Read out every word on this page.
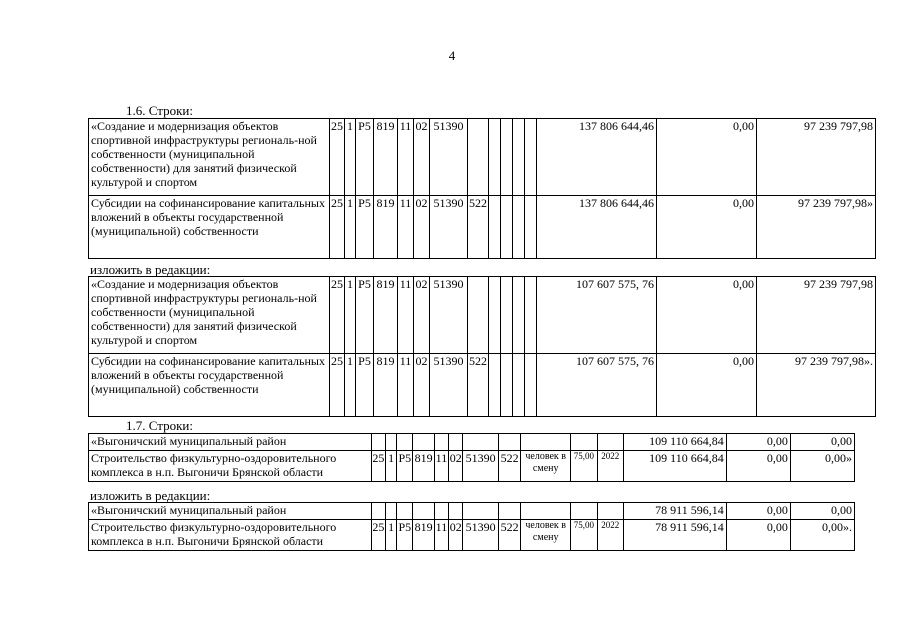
4
1.6. Строки:
«Создание и модернизация объектов спортивной инфраструктуры региональ-ной собственности (муниципальной собственности) для занятий физической культурой и спортом	25	1	Р5	819	11	02	51390						137 806 644,46	0,00	97 239 797,98
Субсидии на софинансирование капитальных вложений в объекты государственной (муниципальной) собственности	25	1	Р5	819	11	02	51390	522					137 806 644,46	0,00	97 239 797,98»
изложить в редакции:
«Создание и модернизация объектов спортивной инфраструктуры региональ-ной собственности (муниципальной собственности) для занятий физической культурой и спортом	25	1	Р5	819	11	02	51390						107 607 575, 76	0,00	97 239 797,98
Субсидии на софинансирование капитальных вложений в объекты государственной (муниципальной) собственности	25	1	Р5	819	11	02	51390	522					107 607 575, 76	0,00	97 239 797,98».
1.7. Строки:
«Выгоничский муниципальный район												109 110 664,84	0,00	0,00
Строительство физкультурно-оздоровительного комплекса в н.п. Выгоничи Брянской области	25	1	Р5	819	11	02	51390	522	человек в смену	75,00	2022	109 110 664,84	0,00	0,00»
изложить в редакции:
«Выгоничский муниципальный район												78 911 596,14	0,00	0,00
Строительство физкультурно-оздоровительного комплекса в н.п. Выгоничи Брянской области	25	1	Р5	819	11	02	51390	522	человек в смену	75,00	2022	78 911 596,14	0,00	0,00».
